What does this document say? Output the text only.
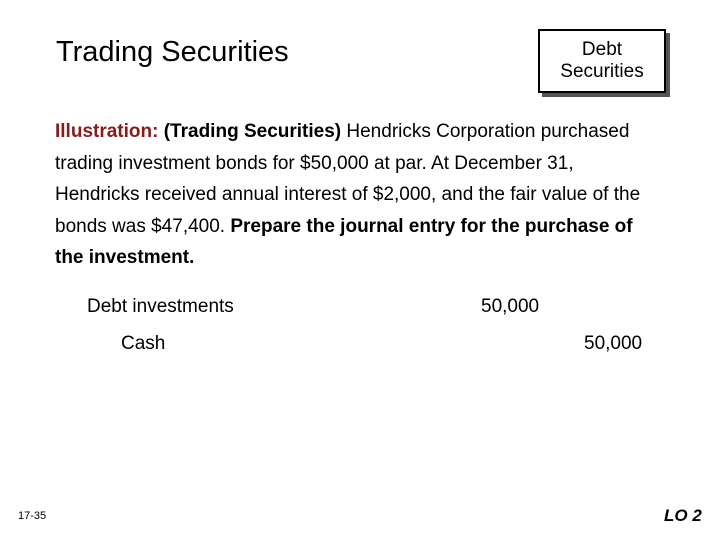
Trading Securities	Debt
Securities
Illustration: (Trading Securities) Hendricks Corporation purchased trading investment bonds for $50,000 at par. At December 31, Hendricks received annual interest of $2,000, and the fair value of the bonds was $47,400. Prepare the journal entry for the purchase of the investment.
Debt investments	50,000
Cash	50,000
17-35	LO 2
